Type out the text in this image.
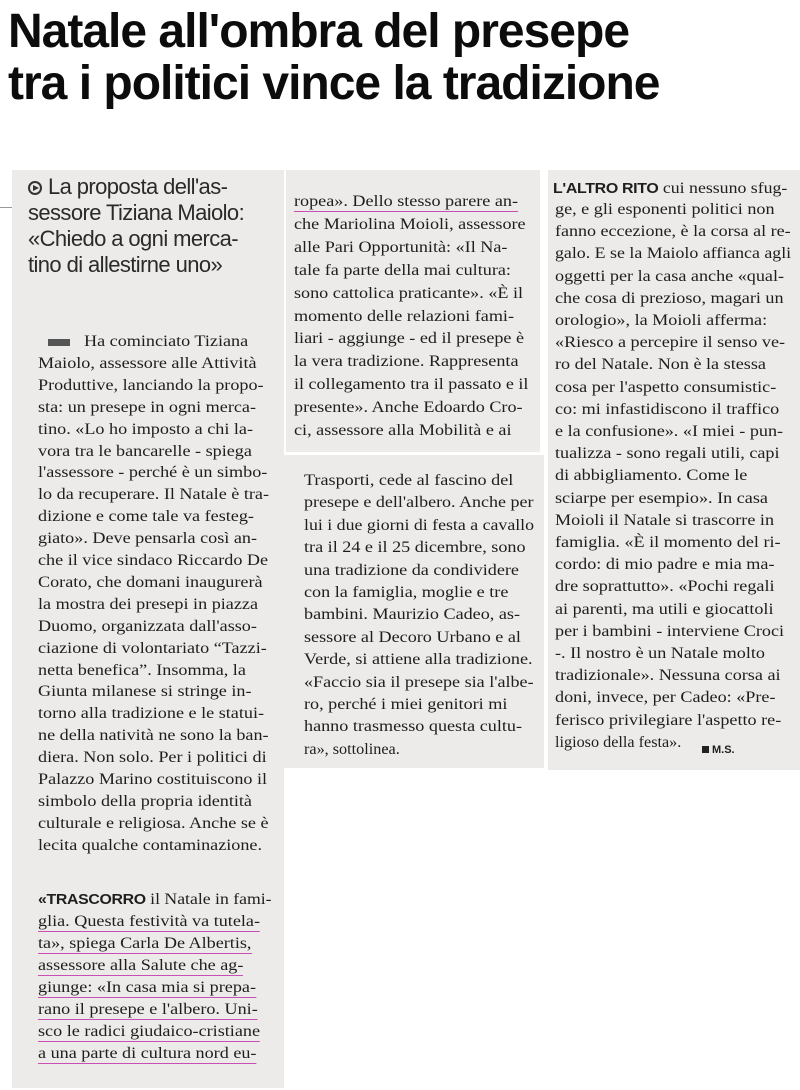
Natale all'ombra del presepe
tra i politici vince la tradizione
La proposta dell'as-
sessore Tiziana Maiolo:
«Chiedo a ogni merca-
tino di allestirne uno»
«TRASCORRO il Natale in fami-
L'ALTRO RITO cui nessuno sfug-
M.S.
Ha cominciato Tiziana
Maiolo, assessore alle Attività
Produttive, lanciando la propo-
sta: un presepe in ogni merca-
tino. «Lo ho imposto a chi la-
vora tra le bancarelle - spiega
l'assessore - perché è un simbo-
lo da recuperare. Il Natale è tra-
dizione e come tale va festeg-
giato». Deve pensarla così an-
che il vice sindaco Riccardo De
Corato, che domani inaugurerà
la mostra dei presepi in piazza
Duomo, organizzata dall'asso-
ciazione di volontariato “Tazzi-
netta benefica”. Insomma, la
Giunta milanese si stringe in-
torno alla tradizione e le statui-
ne della natività ne sono la ban-
diera. Non solo. Per i politici di
Palazzo Marino costituiscono il
simbolo della propria identità
culturale e religiosa. Anche se è
lecita qualche contaminazione.
glia. Questa festività va tutela-
ta», spiega Carla De Albertis,
assessore alla Salute che ag-
giunge: «In casa mia si prepa-
rano il presepe e l'albero. Uni-
sco le radici giudaico-cristiane
a una parte di cultura nord eu-
ropea». Dello stesso parere an-
che Mariolina Moioli, assessore
alle Pari Opportunità: «Il Na-
tale fa parte della mai cultura:
sono cattolica praticante». «È il
momento delle relazioni fami-
liari - aggiunge - ed il presepe è
la vera tradizione. Rappresenta
il collegamento tra il passato e il
presente». Anche Edoardo Cro-
ci, assessore alla Mobilità e ai
Trasporti, cede al fascino del
presepe e dell'albero. Anche per
lui i due giorni di festa a cavallo
tra il 24 e il 25 dicembre, sono
una tradizione da condividere
con la famiglia, moglie e tre
bambini. Maurizio Cadeo, as-
sessore al Decoro Urbano e al
Verde, si attiene alla tradizione.
«Faccio sia il presepe sia l'albe-
ro, perché i miei genitori mi
hanno trasmesso questa cultu-
ra», sottolinea.
ge, e gli esponenti politici non
fanno eccezione, è la corsa al re-
galo. E se la Maiolo affianca agli
oggetti per la casa anche «qual-
che cosa di prezioso, magari un
orologio», la Moioli afferma:
«Riesco a percepire il senso ve-
ro del Natale. Non è la stessa
cosa per l'aspetto consumistic-
co: mi infastidiscono il traffico
e la confusione». «I miei - pun-
tualizza - sono regali utili, capi
di abbigliamento. Come le
sciarpe per esempio». In casa
Moioli il Natale si trascorre in
famiglia. «È il momento del ri-
cordo: di mio padre e mia ma-
dre soprattutto». «Pochi regali
ai parenti, ma utili e giocattoli
per i bambini - interviene Croci
-. Il nostro è un Natale molto
tradizionale». Nessuna corsa ai
doni, invece, per Cadeo: «Pre-
ferisco privilegiare l'aspetto re-
ligioso della festa».
